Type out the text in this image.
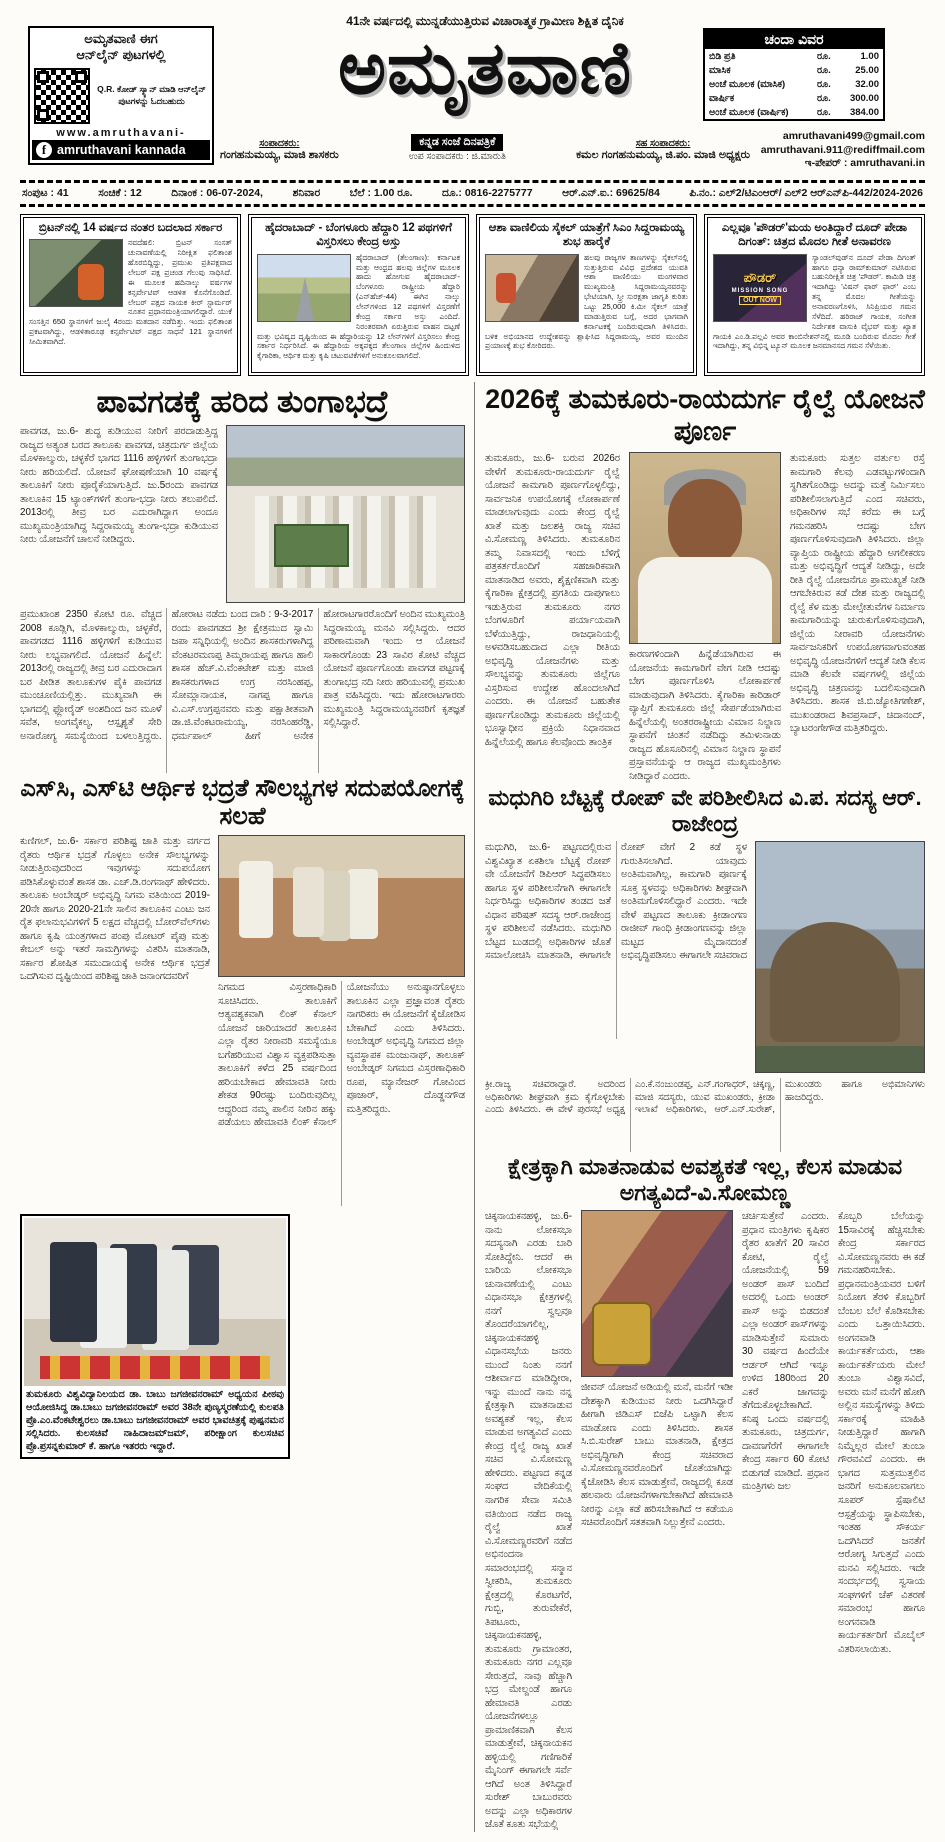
ಅಮೃತವಾಣಿ ಈಗ
ಆನ್‌ಲೈನ್ ಪುಟಗಳಲ್ಲಿ
Q.R. ಕೋಡ್ ಸ್ಕ್ಯಾನ್ ಮಾಡಿ ಆನ್‌ಲೈನ್ ಪುಟಗಳನ್ನು ಓದಬಹುದು
www.amruthavani-
f amruthavani kannada
41ನೇ ವರ್ಷದಲ್ಲಿ ಮುನ್ನಡೆಯುತ್ತಿರುವ ವಿಚಾರಾತ್ಮಕ ಗ್ರಾಮೀಣ ಶಿಕ್ಷಿತ ದೈನಿಕ
ಅಮೃತವಾಣಿ
ಸಂಪಾದಕರು:
ಗಂಗಹನುಮಯ್ಯ, ಮಾಜಿ ಶಾಸಕರು
ಕನ್ನಡ ಸಂಜೆ ದಿನಪತ್ರಿಕೆ
ಉಪ ಸಂಪಾದಕರು : ಜಿ.ಮಾರುತಿ
ಸಹ ಸಂಪಾದಕರು:
ಕಮಲ ಗಂಗಹನುಮಯ್ಯ, ಜಿ.ಪಂ. ಮಾಜಿ ಅಧ್ಯಕ್ಷರು
ಚಂದಾ ವಿವರ
ಬಿಡಿ ಪ್ರತಿ	ರೂ.	1.00
ಮಾಸಿಕ	ರೂ.	25.00
ಅಂಚೆ ಮೂಲಕ (ಮಾಸಿಕ)	ರೂ.	32.00
ವಾರ್ಷಿಕ	ರೂ.	300.00
ಅಂಚೆ ಮೂಲಕ (ವಾರ್ಷಿಕ)	ರೂ.	384.00
amruthavani499@gmail.com
amruthavani.911@rediffmail.com
ಇ-ಪೇಪರ್ : amruthavani.in
ಸಂಪುಟ : 41	ಸಂಚಿಕೆ : 12	ದಿನಾಂಕ : 06-07-2024,	ಶನಿವಾರ	ಬೆಲೆ : 1.00 ರೂ.	ದೂ.: 0816-2275777	ಆರ್.ಎನ್.ಐ.: 69625/84	ಪಿ.ನಂ.: ಎಲ್2/ಟಿಎಂಆರ್/ ಎಲ್2 ಆರ್‌ಎನ್‌ಪಿ-442/2024-2026
ಬ್ರಿಟನ್‌ನಲ್ಲಿ 14 ವರ್ಷದ ನಂತರ ಬದಲಾದ ಸರ್ಕಾರ

ನವದೆಹಲಿ: ಬ್ರಿಟನ್ ಸಂಸತ್ ಚುನಾವಣೆಯಲ್ಲಿ ನಿರೀಕ್ಷಿತ ಫಲಿತಾಂಶ ಹೊರಬಿದ್ದಿದ್ದು, ಪ್ರಮುಖ ಪ್ರತಿಪಕ್ಷವಾದ ಲೇಬರ್ ಪಕ್ಷ ಪ್ರಚಂಡ ಗೆಲುವು ಸಾಧಿಸಿದೆ. ಈ ಮೂಲಕ ಹದಿನಾಲ್ಕು ವರ್ಷಗಳ ಕನ್ಸರ್ವೇಟಿವ್ ಆಡಳಿತ ಕೊನೆಗೊಂಡಿದೆ. ಲೇಬರ್ ಪಕ್ಷದ ನಾಯಕ ಕೀರ್ ಸ್ಟಾರ್ಮರ್ ನೂತನ ಪ್ರಧಾನಮಂತ್ರಿಯಾಗಲಿದ್ದಾರೆ. ಯುಕೆ ಸಂಸತ್ತಿನ 650 ಸ್ಥಾನಗಳಿಗೆ ಜುಲೈ 4ರಂದು ಮತದಾನ ನಡೆದಿತ್ತು. ಇಂದು ಫಲಿತಾಂಶ ಪ್ರಕಟವಾಗಿದ್ದು, ಆಡಳಿತಾರೂಢ ಕನ್ಸರ್ವೇಟಿವ್ ಪಕ್ಷದ ಸಾಧನೆ 121 ಸ್ಥಾನಗಳಿಗೆ ಸೀಮಿತವಾಗಿದೆ.

ಹೈದರಾಬಾದ್ - ಬೆಂಗಳೂರು ಹೆದ್ದಾರಿ 12 ಪಥಗಳಿಗೆ ವಿಸ್ತರಿಸಲು ಕೇಂದ್ರ ಅಸ್ತು

ಹೈದರಾಬಾದ್ (ತೆಲಂಗಾಣ): ಕರ್ನಾಟಕ ಮತ್ತು ಆಂಧ್ರದ ಹಲವು ಜಿಲ್ಲೆಗಳ ಮೂಲಕ ಹಾದು ಹೋಗುವ ಹೈದರಾಬಾದ್-ಬೆಂಗಳೂರು ರಾಷ್ಟ್ರೀಯ ಹೆದ್ದಾರಿ (ಎನ್‌ಹೆಚ್-44) ಈಗಿನ ನಾಲ್ಕು ಲೇನ್‌ಗಳಿಂದ 12 ಪಥಗಳಿಗೆ ವಿಸ್ತರಣೆಗೆ ಕೇಂದ್ರ ಸರ್ಕಾರ ಅಸ್ತು ಎಂದಿದೆ. ನಿರಂತರವಾಗಿ ಏರುತ್ತಿರುವ ವಾಹನ ದಟ್ಟಣೆ ಮತ್ತು ಭವಿಷ್ಯದ ದೃಷ್ಟಿಯಿಂದ ಈ ಹೆದ್ದಾರಿಯನ್ನು 12 ಲೇನ್‌ಗಳಿಗೆ ವಿಸ್ತರಿಸಲು ಕೇಂದ್ರ ಸರ್ಕಾರ ನಿರ್ಧರಿಸಿದೆ. ಈ ಹೆದ್ದಾರಿಯ ಅಕ್ಕಪಕ್ಕದ ತೆಲಂಗಾಣ ಜಿಲ್ಲೆಗಳ ಹಿಂದುಳಿದ ಕೈಗಾರಿಕಾ, ಆರ್ಥಿಕ ಮತ್ತು ಕೃಷಿ ಚಟುವಟಿಕೆಗಳಿಗೆ ಅನುಕೂಲವಾಗಲಿದೆ.

ಆಶಾ ವಾಣಿಲಿಯ ಸೈಕಲ್ ಯಾತ್ರೆಗೆ ಸಿಎಂ ಸಿದ್ದರಾಮಯ್ಯ ಶುಭ ಹಾರೈಕೆ

ಹಲವು ರಾಜ್ಯಗಳ ತಾಣಗಳನ್ನು ಸೈಕಲ್‌ನಲ್ಲಿ ಸುತ್ತುತ್ತಿರುವ ವಿವಿಧ ಪ್ರದೇಶದ ಯುವತಿ ಆಶಾ ವಾಣಿಲಿಯು ಮಂಗಳವಾರ ಮುಖ್ಯಮಂತ್ರಿ ಸಿದ್ದರಾಮಯ್ಯನವರನ್ನು ಭೇಟಿಯಾಗಿ, ಸ್ತ್ರೀ ಸುರಕ್ಷತಾ ಜಾಗೃತಿ ಕುರಿತು ಒಟ್ಟು 25,000 ಕಿ.ಮೀ ಸೈಕಲ್ ಯಾತ್ರೆ ಮಾಡುತ್ತಿರುವ ಬಗ್ಗೆ, ಅದರ ಭಾಗವಾಗಿ ಕರ್ನಾಟಕಕ್ಕೆ ಬಂದಿರುವುದಾಗಿ ತಿಳಿಸಿದರು. ಬಳಿಕ ಅಭಿಯಾನದ ಉದ್ದೇಶವನ್ನು ಶ್ಲಾಘಿಸಿದ ಸಿದ್ದರಾಮಯ್ಯ, ಅವರ ಮುಂದಿನ ಪ್ರಯಾಣಕ್ಕೆ ಶುಭ ಕೋರಿದರು.

ಎಲ್ಲವೂ 'ಪೌಡರ್'ಮಯ ಅಂತಿದ್ದಾರೆ ದೂದ್ ಪೇಡಾ ದಿಗಂತ್: ಚಿತ್ರದ ಮೊದಲ ಗೀತೆ ಅನಾವರಣ
ಪೌಡರ್
MISSION SONG
OUT NOW

ಸ್ಯಾಂಡಲ್‌ವುಡ್‌ನ ದೂದ್ ಪೇಡಾ ದಿಗಂತ್ ಹಾಗೂ ಧನ್ಯಾ ರಾಮ್‌ಕುಮಾರ್ ನಟಿಸಿರುವ ಬಹುನಿರೀಕ್ಷಿತ ಚಿತ್ರ 'ಪೌಡರ್'. ಕಾಮಿಡಿ ಚಿತ್ರ ಇದಾಗಿದ್ದು 'ವಿಷನ್ ಫಾರ್ ಫಾರ್' ಎಂಬ ತನ್ನ ಮೊದಲ ಗೀತೆಯನ್ನು ಅನಾವರಣಗೊಳಿಸಿ, ಸಿನಿಪ್ರಿಯರ ಗಮನ ಸೆಳೆದಿದೆ. ಹರಿರಾಜ್ ಗಾಯಕ, ಸಂಗೀತ ನಿರ್ದೇಶಕ ವಾಸುಕಿ ವೈಭವ್ ಮತ್ತು ಖ್ಯಾತ ಗಾಯಕಿ ಎಂ.ಡಿ.ಪಲ್ಲವಿ ಅವರ ಕಾಂಬಿನೇಶನ್‌ನಲ್ಲಿ ಮೂಡಿ ಬಂದಿರುವ ಮೊದಲ ಗೀತೆ ಇದಾಗಿದ್ದು, ತನ್ನ ವಿಭಿನ್ನ ಟ್ಯೂನ್ ಮೂಲಕ ಜನಮಾನಸದ ಗಮನ ಸೆಳೆಯಿತು.

ಪಾವಗಡಕ್ಕೆ ಹರಿದ ತುಂಗಾಭದ್ರೆ
ಪಾವಗಡ, ಜು.6- ಶುದ್ಧ ಕುಡಿಯುವ ನೀರಿಗೆ ಪರದಾಡುತ್ತಿದ್ದ ರಾಜ್ಯದ ಅತ್ಯಂತ ಬರದ ತಾಲೂಕು ಪಾವಗಡ, ಚಿತ್ರದುರ್ಗ ಜಿಲ್ಲೆಯ ಮೊಳಕಾಲ್ಮುರು, ಚಳ್ಳಕೆರೆ ಭಾಗದ 1116 ಹಳ್ಳಿಗಳಿಗೆ ತುಂಗಾಭದ್ರಾ ನೀರು ಹರಿಯಲಿದೆ. ಯೋಜನೆ ಘೋಷಣೆಯಾಗಿ 10 ವರ್ಷಕ್ಕೆ ತಾಲೂಕಿಗೆ ನೀರು ಪೂರೈಕೆಯಾಗುತ್ತಿದೆ. ಜು.5ರಂದು ಪಾವಗಡ ತಾಲೂಕಿನ 15 ಟ್ಯಾಂಕ್‌ಗಳಿಗೆ ತುಂಗಾ-ಭದ್ರಾ ನೀರು ತಲುಪಲಿದೆ. 2013ರಲ್ಲಿ ತೀವ್ರ ಬರ ಎದುರಾಗಿದ್ದಾಗ ಅಂದೂ ಮುಖ್ಯಮಂತ್ರಿಯಾಗಿದ್ದ ಸಿದ್ದರಾಮಯ್ಯ ತುಂಗಾ-ಭದ್ರಾ ಕುಡಿಯುವ ನೀರು ಯೋಜನೆಗೆ ಚಾಲನೆ ನೀಡಿದ್ದರು.
ಪ್ರಮುಖಾಂಶ 2350 ಕೋಟಿ ರೂ. ವೆಚ್ಚದ 2008 ಕೂಡ್ಲಿಗಿ, ಮೊಳಕಾಲ್ಮುರು, ಚಳ್ಳಕೆರೆ, ಪಾವಗಡದ 1116 ಹಳ್ಳಿಗಳಿಗೆ ಕುಡಿಯುವ ನೀರು ಲಭ್ಯವಾಗಲಿದೆ. ಯೋಜನೆ ಹಿನ್ನೆಲೆ: 2013ರಲ್ಲಿ ರಾಜ್ಯದಲ್ಲಿ ತೀವ್ರ ಬರ ಎದುರಾದಾಗ ಬರ ಪೀಡಿತ ತಾಲೂಕುಗಳ ಪೈಕಿ ಪಾವಗಡ ಮುಂಚೂಣಿಯಲ್ಲಿತ್ತು. ಮುಖ್ಯವಾಗಿ ಈ ಭಾಗದಲ್ಲಿ ಫ್ಲೋರೈಡ್ ಅಂಶದಿಂದ ಜನ ಮೂಳೆ ಸವೆತ, ಅಂಗವೈಕಲ್ಯ, ಆಸ್ಪೃಶ್ಯತೆ ಸೇರಿ ಅನಾರೋಗ್ಯ ಸಮಸ್ಯೆಯಿಂದ ಬಳಲುತ್ತಿದ್ದರು. ಹೋರಾಟ ನಡೆದು ಬಂದ ದಾರಿ : 9-3-2017 ರಂದು ಪಾವಗಡದ ಶ್ರೀ ಕ್ಷೇತ್ರಮುದ ಸ್ವಾಮಿ ಜಪಾ ಸನ್ನಿಧಿಯಲ್ಲಿ ಅಂದಿನ ಶಾಸಕರುಗಳಾಗಿದ್ದ ವೆಂಕಟರಮಣಪ್ಪ ತಿಮ್ಮರಾಯಪ್ಪ ಹಾಗೂ ಹಾಲಿ ಶಾಸಕ ಹೆಚ್.ವಿ.ವೆಂಕಟೇಶ್ ಮತ್ತು ಮಾಜಿ ಶಾಸಕರುಗಳಾದ ಉಗ್ರ ನರಸಿಂಹಪ್ಪ, ಸೋಮ್ಲಾನಾಯಕ, ನಾಗಪ್ಪ ಹಾಗೂ ವಿ.ಎಸ್.ಉಗ್ರಪ್ಪನವರು ಮತ್ತು ಪಕ್ಷಾತೀತವಾಗಿ ಡಾ.ಜಿ.ವೆಂಕಟರಾಮಯ್ಯ, ನರಸಿಂಹರೆಡ್ಡಿ, ಧರ್ಮಪಾಲ್ ಹೀಗೆ ಅನೇಕ ಹೋರಾಟಗಾರರೊಂದಿಗೆ ಅಂದಿನ ಮುಖ್ಯಮಂತ್ರಿ ಸಿದ್ದರಾಮಯ್ಯ ಮನವಿ ಸಲ್ಲಿಸಿದ್ದರು. ಆದರ ಪರಿಣಾಮವಾಗಿ ಇಂದು ಆ ಯೋಜನೆ ಸಾಕಾರಗೊಂಡು 23 ಸಾವಿರ ಕೋಟಿ ವೆಚ್ಚದ ಯೋಜನೆ ಪೂರ್ಣಗೊಂಡು ಪಾವಗಡ ಪಟ್ಟಣಕ್ಕೆ ತುಂಗಾಭದ್ರ ನದಿ ನೀರು ಹರಿಯುವಲ್ಲಿ ಪ್ರಮುಖ ಪಾತ್ರ ವಹಿಸಿದ್ದರು. ಇದು ಹೋರಾಟಗಾರರು ಮುಖ್ಯಮಂತ್ರಿ ಸಿದ್ದರಾಮಯ್ಯನವರಿಗೆ ಕೃತಜ್ಞತೆ ಸಲ್ಲಿಸಿದ್ದಾರೆ.
ಎಸ್‌ಸಿ, ಎಸ್‌ಟಿ ಆರ್ಥಿಕ ಭದ್ರತೆ ಸೌಲಭ್ಯಗಳ ಸದುಪಯೋಗಕ್ಕೆ ಸಲಹೆ
ಕುಣಿಗಲ್, ಜು.6- ಸರ್ಕಾರ ಪರಿಶಿಷ್ಟ ಜಾತಿ ಮತ್ತು ವರ್ಗದ ರೈತರು ಆರ್ಥಿಕ ಭದ್ರತೆ ಗೊಳ್ಳಲು ಅನೇಕ ಸೌಲಭ್ಯಗಳನ್ನು ನೀಡುತ್ತಿರುವುದರಿಂದ ಇವುಗಳನ್ನು ಸದುಪಯೋಗ ಪಡಿಸಿಕೊಳ್ಳುವಂತೆ ಶಾಸಕ ಡಾ. ಎಚ್.ಡಿ.ರಂಗನಾಥ್ ಹೇಳಿದರು. ತಾಲೂಕು ಅಂಬೇಡ್ಕರ್ ಅಭಿವೃದ್ಧಿ ನಿಗಮ ವತಿಯಿಂದ 2019-20ನೇ ಹಾಗೂ 2020-21ನೇ ಸಾಲಿನ ತಾಲೂಕಿನ ಎಂಟು ಜನ ರೈತ ಫಲಾನುಭವಿಗಳಿಗೆ 5 ಲಕ್ಷದ ವೆಚ್ಚದಲ್ಲಿ ಬೋರ್‌ವೆಲ್‌ಗಳು ಹಾಗೂ ಕೃಷಿ ಯಂತ್ರಗಳಾದ ಪಂಪು ಮೋಟರ್ ಪೈಪು ಮತ್ತು ಕೇಬಲ್ ಅನ್ನು ಇತರೆ ಸಾಮಗ್ರಿಗಳನ್ನು ವಿತರಿಸಿ ಮಾತನಾಡಿ, ಸರ್ಕಾರ ಶೋಷಿತ ಸಮುದಾಯಕ್ಕೆ ಅನೇಕ ಆರ್ಥಿಕ ಭದ್ರತೆ ಒದಗಿಸುವ ದೃಷ್ಟಿಯಿಂದ ಪರಿಶಿಷ್ಟ ಜಾತಿ ಜನಾಂಗದವರಿಗೆ
ನಿಗಮದ ವಿಸ್ತರಣಾಧಿಕಾರಿ ಸೂಚಿಸಿದರು. ತಾಲೂಕಿಗೆ ಆತ್ಯವಶ್ಯಕವಾಗಿ ಲಿಂಕ್ ಕೆನಾಲ್ ಯೋಜನೆ ಜಾರಿಯಾದರೆ ತಾಲೂಕಿನ ಎಲ್ಲಾ ರೈತರ ನೀರಾವರಿ ಸಮಸ್ಯೆಯೂ ಬಗೆಹರಿಯುವ ವಿಶ್ವಾಸ ವ್ಯಕ್ತಪಡಿಸುತ್ತಾ ತಾಲೂಕಿಗೆ ಕಳೆದ 25 ವರ್ಷದಿಂದ ಹರಿಯಬೇಕಾದ ಹೇಮಾವತಿ ನೀರು ಶೇಕಡ 90ರಷ್ಟು ಬಂದಿರುವುದಿಲ್ಲ ಆದ್ದರಿಂದ ನಮ್ಮ ಪಾಲಿನ ನೀರಿನ ಹಕ್ಕು ಪಡೆಯಲು ಹೇಮಾವತಿ ಲಿಂಕ್ ಕೆನಾಲ್ ಯೋಜನೆಯು ಅನುಷ್ಠಾನಗೊಳ್ಳಲು ತಾಲೂಕಿನ ಎಲ್ಲಾ ಪ್ರಜ್ಞಾವಂತ ರೈತರು ನಾಗರಿಕರು ಈ ಯೋಜನೆಗೆ ಕೈಜೋಡಿಸ ಬೇಕಾಗಿದೆ ಎಂದು ತಿಳಿಸಿದರು. ಅಂಬೇಡ್ಕರ್ ಅಭಿವೃದ್ಧಿ ನಿಗಮದ ಜಿಲ್ಲಾ ವ್ಯವಸ್ಥಾಪಕ ಮಂಜುನಾಥ್, ತಾಲೂಕ್ ಅಂಬೇಡ್ಕರ್ ನಿಗಮದ ವಿಸ್ತರಣಾಧಿಕಾರಿ ರೂಪ, ಮ್ಯಾನೇಜರ್ ಗೋವಿಂದ ಪೂಜಾರ್, ದೊಡ್ಡನಗೌಡ ಮತ್ತಿತರಿದ್ದರು.
ತುಮಕೂರು ವಿಶ್ವವಿದ್ಯಾನಿಲಯದ ಡಾ. ಬಾಬು ಜಗಜೀವನರಾಮ್ ಅಧ್ಯಯನ ಪೀಠವು ಆಯೋಜಿಸಿದ್ದ ಡಾ.ಬಾಬು ಜಗಜೀವನರಾಮ್ ಅವರ 38ನೇ ಪುಣ್ಯಸ್ಮರಣೆಯಲ್ಲಿ ಕುಲಪತಿ ಪ್ರೊ.ಎಂ.ವೆಂಕಟೇಶ್ವರಲು ಡಾ.ಬಾಬು ಜಗಜೀವನರಾಮ್ ಅವರ ಭಾವಚಿತ್ರಕ್ಕೆ ಪುಷ್ಪನಮನ ಸಲ್ಲಿಸಿದರು. ಕುಲಸಚಿವೆ ನಾಹಿದಾಜಮ್‌ಜಮ್, ಪರೀಕ್ಷಾಂಗ ಕುಲಸಚಿವ ಪ್ರೊ.ಪ್ರಸನ್ನಕುಮಾರ್ ಕೆ. ಹಾಗೂ ಇತರರು ಇದ್ದಾರೆ.
2026ಕ್ಕೆ ತುಮಕೂರು-ರಾಯದುರ್ಗ ರೈಲ್ವೆ ಯೋಜನೆ ಪೂರ್ಣ
ತುಮಕೂರು, ಜು.6- ಬರುವ 2026ರ ವೇಳೆಗೆ ತುಮಕೂರು-ರಾಯದುರ್ಗ ರೈಲ್ವೆ ಯೋಜನೆ ಕಾಮಗಾರಿ ಪೂರ್ಣಗೊಳ್ಳಲಿದ್ದು, ಸಾರ್ವಜನಿಕ ಉಪಯೋಗಕ್ಕೆ ಲೋಕಾರ್ಪಣೆ ಮಾಡಲಾಗುವುದು ಎಂದು ಕೇಂದ್ರ ರೈಲ್ವೆ ಖಾತೆ ಮತ್ತು ಜಲಶಕ್ತಿ ರಾಜ್ಯ ಸಚಿವ ವಿ.ಸೋಮಣ್ಣ ತಿಳಿಸಿದರು. ತುಮಕೂರಿನ ತಮ್ಮ ನಿವಾಸದಲ್ಲಿ ಇಂದು ಬೆಳಿಗ್ಗೆ ಪತ್ರಕರ್ತರೊಂದಿಗೆ ಸಹಜಾರಿಕವಾಗಿ ಮಾತನಾಡಿದ ಅವರು, ಶೈಕ್ಷಣಿಕವಾಗಿ ಮತ್ತು ಕೈಗಾರಿಕಾ ಕ್ಷೇತ್ರದಲ್ಲಿ ಪ್ರಗತಿಯ ದಾಪುಗಾಲು ಇಡುತ್ತಿರುವ ತುಮಕೂರು ನಗರ ಬೆಂಗಳೂರಿಗೆ ಪರ್ಯಾಯವಾಗಿ ಬೆಳೆಯುತ್ತಿದ್ದು, ರಾಜಧಾನಿಯಲ್ಲಿ ಅಳವಡಿಸಬಹುದಾದ ಎಲ್ಲಾ ರೀತಿಯ ಅಭಿವೃದ್ಧಿ ಯೋಜನೆಗಳು ಮತ್ತು ಸೌಲಭ್ಯವನ್ನು ತುಮಕೂರು ಜಿಲ್ಲೆಗೂ ವಿಸ್ತರಿಸುವ ಉದ್ದೇಶ ಹೊಂದಲಾಗಿದೆ ಎಂದರು. ಈ ಯೋಜನೆ ಬಹುತೇಕ ಪೂರ್ಣಗೊಂಡಿದ್ದು ತುಮಕೂರು ಜಿಲ್ಲೆಯಲ್ಲಿ ಭೂಸ್ವಾಧೀನ ಪ್ರಕ್ರಿಯೆ ನಿಧಾನವಾದ ಹಿನ್ನೆಲೆಯಲ್ಲಿ ಹಾಗೂ ಕೆಲವೊಂದು ತಾಂತ್ರಿಕ
ಕಾರಣಗಳಿಂದಾಗಿ ಹಿನ್ನೆಡೆಯಾಗಿರುವ ಈ ಯೋಜನೆಯ ಕಾಮಗಾರಿಗೆ ವೇಗ ನೀಡಿ ಆದಷ್ಟು ಬೇಗ ಪೂರ್ಣಗೊಳಿಸಿ ಲೋಕಾರ್ಪಣೆ ಮಾಡುವುದಾಗಿ ತಿಳಿಸಿದರು. ಕೈಗಾರಿಕಾ ಕಾರಿಡಾರ್ ವ್ಯಾಪ್ತಿಗೆ ತುಮಕೂರು ಜಿಲ್ಲೆ ಸೇರ್ಪಡೆಯಾಗಿರುವ ಹಿನ್ನೆಲೆಯಲ್ಲಿ ಅಂತರರಾಷ್ಟ್ರೀಯ ವಿಮಾನ ನಿಲ್ದಾಣ ಸ್ಥಾಪನೆಗೆ ಚಿಂತನೆ ನಡೆದಿದ್ದು ತಮಿಳುನಾಡು ರಾಜ್ಯದ ಹೊಸೂರಿನಲ್ಲಿ ವಿಮಾನ ನಿಲ್ದಾಣ ಸ್ಥಾಪನೆ ಪ್ರಸ್ತಾವನೆಯನ್ನು ಆ ರಾಜ್ಯದ ಮುಖ್ಯಮಂತ್ರಿಗಳು ನೀಡಿದ್ದಾರೆ ಎಂದರು.
ತುಮಕೂರು ಸುತ್ತಲ ವರ್ತುಲ ರಸ್ತೆ ಕಾಮಗಾರಿ ಕೆಲವು ಎಡವಟ್ಟುಗಳಿಂದಾಗಿ ಸ್ಥಗಿತಗೊಂಡಿದ್ದು ಅದನ್ನು ಮತ್ತೆ ನಿರ್ಮಿಸಲು ಪರಿಶೀಲಿಸಲಾಗುತ್ತಿದೆ ಎಂದ ಸಚಿವರು, ಅಧಿಕಾರಿಗಳ ಸಭೆ ಕರೆದು ಈ ಬಗ್ಗೆ ಗಮನಹರಿಸಿ ಆದಷ್ಟು ಬೇಗ ಪೂರ್ಣಗೊಳಿಸುವುದಾಗಿ ತಿಳಿಸಿದರು. ಜಿಲ್ಲಾ ವ್ಯಾಪ್ತಿಯ ರಾಷ್ಟ್ರೀಯ ಹೆದ್ದಾರಿ ಅಗಲೀಕರಣ ಮತ್ತು ಅಭಿವೃದ್ಧಿಗೆ ಆದ್ಯತೆ ನೀಡಿದ್ದು, ಅದೇ ರೀತಿ ರೈಲ್ವೆ ಯೋಜನೆಗೂ ಪ್ರಾಮುಖ್ಯತೆ ನೀಡಿ ಆಗಬೇಕಿರುವ ಕಡೆ ದೇಶ ಮತ್ತು ರಾಜ್ಯದಲ್ಲಿ ರೈಲ್ವೆ ಕೆಳ ಮತ್ತು ಮೇಲ್ಸೇತುವೆಗಳ ನಿರ್ಮಾಣ ಕಾಮಗಾರಿಯನ್ನು ಚುರುಕುಗೊಳಿಸುವುದಾಗಿ, ಜಿಲ್ಲೆಯ ನೀರಾವರಿ ಯೋಜನೆಗಳು ಸಾರ್ವಜನಿಕರಿಗೆ ಉಪಯೋಗವಾಗುವಂತಹ ಅಭಿವೃದ್ಧಿ ಯೋಜನೆಗಳಿಗೆ ಆದ್ಯತೆ ನೀಡಿ ಕೆಲಸ ಮಾಡಿ ಕೆಲವೇ ವರ್ಷಗಳಲ್ಲಿ ಜಿಲ್ಲೆಯ ಅಭಿವೃದ್ಧಿ ಚಿತ್ರಣವನ್ನು ಬದಲಿಸುವುದಾಗಿ ತಿಳಿಸಿದರು. ಶಾಸಕ ಜಿ.ಬಿ.ಜ್ಯೋತಿಗಣೇಶ್, ಮುಖಂಡರಾದ ಶಿವಪ್ರಸಾದ್, ಚಿದಾನಂದ್, ಬ್ಯಾಟರಂಗೇಗೌಡ ಮತ್ತಿತರಿದ್ದರು.
ಮಧುಗಿರಿ ಬೆಟ್ಟಕ್ಕೆ ರೋಪ್ ವೇ ಪರಿಶೀಲಿಸಿದ ವಿ.ಪ. ಸದಸ್ಯ ಆರ್. ರಾಜೇಂದ್ರ
ಮಧುಗಿರಿ, ಜು.6- ಪಟ್ಟಣದಲ್ಲಿರುವ ವಿಶ್ವವಿಖ್ಯಾತ ಏಕಶಿಲಾ ಬೆಟ್ಟಕ್ಕೆ ರೋಪ್ ವೇ ಯೋಜನೆಗೆ ಡಿಪಿಆರ್ ಸಿದ್ಧಪಡಿಸಲು ಹಾಗೂ ಸ್ಥಳ ಪರಿಶೀಲನೆಗಾಗಿ ಈಗಾಗಲೇ ನಿರ್ಧರಿಸಿದ್ದು ಅಧಿಕಾರಿಗಳ ತಂಡದ ಜತೆ ವಿಧಾನ ಪರಿಷತ್ ಸದಸ್ಯ ಆರ್.ರಾಜೇಂದ್ರ ಸ್ಥಳ ಪರಿಶೀಲನೆ ನಡೆಸಿದರು. ಮಧುಗಿರಿ ಬೆಟ್ಟದ ಬುಡದಲ್ಲಿ ಅಧಿಕಾರಿಗಳ ಜೊತೆ ಸಮಾಲೋಚಿಸಿ ಮಾತನಾಡಿ, ಈಗಾಗಲೇ ರೋಪ್ ವೇಗೆ 2 ಕಡೆ ಸ್ಥಳ ಗುರುತಿಸಲಾಗಿದೆ. ಯಾವುದು ಅಂತಿಮವಾಗಿಲ್ಲ, ಕಾಮಗಾರಿ ಪೂರ್ಣಕ್ಕೆ ಸೂಕ್ತ ಸ್ಥಳವನ್ನು ಅಧಿಕಾರಿಗಳು ಶೀಘ್ರವಾಗಿ ಅಂತಿಮಗೊಳಿಸಲಿದ್ದಾರೆ ಎಂದರು. ಇದೇ ವೇಳೆ ಪಟ್ಟಣದ ತಾಲೂಕು ಕ್ರೀಡಾಂಗಣ ರಾಜೀವ್ ಗಾಂಧಿ ಕ್ರೀಡಾಂಗಣವನ್ನು ಜಿಲ್ಲಾ ಮಟ್ಟದ ಮೈದಾನದಂತೆ ಅಭಿವೃದ್ಧಿಪಡಿಸಲು ಈಗಾಗಲೇ ಸಚಿವರಾದ
ಕ್ರೀ.ರಾಜ್ಯ ಸಚಿವರಾದ್ದಾರೆ. ಅದರಿಂದ ಅಧಿಕಾರಿಗಳು ಶೀಘ್ರವಾಗಿ ಕ್ರಮ ಕೈಗೊಳ್ಳಬೇಕು ಎಂದು ತಿಳಿಸಿದರು. ಈ ವೇಳೆ ಪುರಸಭೆ ಅಧ್ಯಕ್ಷ ಎಂ.ಕೆ.ನಂಜುಂಡಪ್ಪ, ಎನ್.ಗಂಗಾಧರ್, ಚಿಕ್ಕಣ್ಣ, ಮಾಜಿ ಸದಸ್ಯರು, ಯುವ ಮುಖಂಡರು, ಕ್ರೀಡಾ ಇಲಾಖೆ ಅಧಿಕಾರಿಗಳು, ಆರ್.ಎನ್.ಸುರೇಶ್, ಮುಖಂಡರು ಹಾಗೂ ಅಭಿಮಾನಿಗಳು ಹಾಜರಿದ್ದರು.
ಕ್ಷೇತ್ರಕ್ಕಾಗಿ ಮಾತನಾಡುವ ಅವಶ್ಯಕತೆ ಇಲ್ಲ, ಕೆಲಸ ಮಾಡುವ ಅಗತ್ಯವಿದೆ-ವಿ.ಸೋಮಣ್ಣ
ಚಿಕ್ಕನಾಯಕನಹಳ್ಳಿ, ಜು.6- ನಾನು ಲೋಕಸಭಾ ಸದಸ್ಯನಾಗಿ ಎರಡು ಬಾರಿ ಸೋತಿದ್ದೇನಿ. ಆದರೆ ಈ ಬಾರಿಯ ಲೋಕಸಭಾ ಚುನಾವಣೆಯಲ್ಲಿ ಎಂಟು ವಿಧಾನಸಭಾ ಕ್ಷೇತ್ರಗಳಲ್ಲಿ ನನಗೆ ಸ್ವಲ್ಪವೂ ತೊಂದರೆಯಾಗಲಿಲ್ಲ, ಚಿಕ್ಕನಾಯಕನಹಳ್ಳಿ ವಿಧಾನಸಭೆಯ ಜನರು ಮುಂದೆ ನಿಂತು ನನಗೆ ಆಶೀರ್ವಾದ ಮಾಡಿದ್ದೀರಾ, ಇನ್ನು ಮುಂದೆ ನಾನು ನನ್ನ ಕ್ಷೇತ್ರಕ್ಕಾಗಿ ಮಾತನಾಡುವ ಅವಶ್ಯಕತೆ ಇಲ್ಲ, ಕೆಲಸ ಮಾಡುವ ಅಗತ್ಯವಿದೆ ಎಂದು ಕೇಂದ್ರ ರೈಲ್ವೆ ರಾಜ್ಯ ಖಾತೆ ಸಚಿವ ವಿ.ಸೋಮಣ್ಣ ಹೇಳಿದರು. ಪಟ್ಟಣದ ಕನ್ನಡ ಸಂಘದ ವೇದಿಕೆಯಲ್ಲಿ ನಾಗರಿಕ ಸೇವಾ ಸಮಿತಿ ವತಿಯಿಂದ ನಡೆದ ರಾಜ್ಯ ರೈಲ್ವೆ ಖಾತೆ ವಿ.ಸೋಮಣ್ಣರವರಿಗೆ ನಡೆದ ಅಭಿನಂದನಾ ಸಮಾರಂಭದಲ್ಲಿ ಸನ್ಮಾನ ಸ್ವೀಕರಿಸಿ, ತುಮಕೂರು ಕ್ಷೇತ್ರದಲ್ಲಿ ಕೊರಟಗೆರೆ, ಗುಬ್ಬಿ, ತುರುವೇಕೆರೆ, ತಿಪಟೂರು, ಚಿಕ್ಕನಾಯಕನಹಳ್ಳಿ, ತುಮಕೂರು ಗ್ರಾಮಾಂತರ, ತುಮಕೂರು ನಗರ ಎಲ್ಲವೂ ಸೇರುತ್ತದೆ, ನಾವು ಹೆಚ್ಚಾಗಿ ಭದ್ರ ಮೇಲ್ದಂಡೆ ಹಾಗೂ ಹೇಮಾವತಿ ಎರಡು ಯೋಜನೆಗಳಲ್ಲೂ ಪ್ರಾಮಾಣಿಕವಾಗಿ ಕೆಲಸ ಮಾಡುತ್ತೇವೆ, ಚಿಕ್ಕನಾಯಕನ ಹಳ್ಳಿಯಲ್ಲಿ ಗಣಿಗಾರಿಕೆ ಮೈನಿಂಗ್ ಈಗಾಗಲೇ ಸರ್ವೆ ಆಗಿದೆ ಅಂತ ತಿಳಿಸಿದ್ದಾರೆ ಸುರೇಶ್ ಬಾಬುರವರು ಅದನ್ನು ಎಲ್ಲಾ ಅಧಿಕಾರಗಳ ಜೊತೆ ಕೂತು ಸಭೆಯಲ್ಲಿ
ಜೀವನ್ ಯೋಜನೆ ಅಡಿಯಲ್ಲಿ ಮನೆ, ಮನೆಗೆ ಇಡೀ ದೇಶಕ್ಕಾಗಿ ಕುಡಿಯುವ ನೀರು ಒದಗಿಸಿದ್ದಾರೆ ಹೀಗಾಗಿ ಜಿಡಿಎಸ್ ಬಿಜೆಪಿ ಒಟ್ಟಾಗಿ ಕೆಲಸ ಮಾಡೋಣ ಎಂದು ತಿಳಿಸಿದರು. ಶಾಸಕ ಸಿ.ಬಿ.ಸುರೇಶ್ ಬಾಬು ಮಾತನಾಡಿ, ಕ್ಷೇತ್ರದ ಅಭಿವೃದ್ಧಿಗಾಗಿ ಕೇಂದ್ರ ಸಚಿವರಾದ ವಿ.ಸೋಮಣ್ಣನವರೊಂದಿಗೆ ಜೊತೆಯಾಗಿದ್ದು ಕೈಜೋಡಿಸಿ ಕೆಲಸ ಮಾಡುತ್ತೇನೆ, ರಾಜ್ಯದಲ್ಲಿ ಕೂಡ ಹಲವಾರು ಯೋಜನೆಗಳಾಗಬೇಕಾಗಿದೆ ಹೇಮಾವತಿ ನೀರನ್ನು ಎಲ್ಲಾ ಕಡೆ ಹರಿಸಬೇಕಾಗಿದೆ ಆ ಕಡೆಯೂ ಸಚಿವರೊಂದಿಗೆ ಸತತವಾಗಿ ನಿಲ್ಲುತ್ತೇನೆ ಎಂದರು.
ಚರ್ಚಿಸುತ್ತೇನೆ ಎಂದರು. ಪ್ರಧಾನ ಮಂತ್ರಿಗಳು ಕೃಷಿಕರ ರೈತರ ಖಾತೆಗೆ 20 ಸಾವಿರ ಕೋಟಿ, ರೈಲ್ವೆ ಯೋಜನೆಯಲ್ಲಿ 59 ಅಂಡರ್ ಪಾಸ್ ಬಂದಿದೆ ಅದರಲ್ಲಿ ಒಂದು ಅಂಡರ್ ಪಾಸ್ ಅನ್ನು ಬಿಡದಂತೆ ಎಲ್ಲಾ ಅಂಡರ್ ಪಾಸ್‌ಗಳನ್ನು ಮಾಡಿಸುತ್ತೇನೆ ಸುಮಾರು 30 ವರ್ಷದ ಹಿಂದೆಯೇ ಆರ್ಡರ್ ಆಗಿದೆ ಇನ್ನೂ ಉಳಿದ 180ರಿಂದ 20 ಎಕರೆ ಜಾಗವನ್ನು ತೆಗೆದುಕೊಳ್ಳಬೇಕಾಗಿದೆ. ಕನಿಷ್ಠ ಒಂದು ವರ್ಷದಲ್ಲಿ ತುಮಕೂರು, ಚಿತ್ರದುರ್ಗ, ದಾವಣಗೆರೆಗೆ ಈಗಾಗಲೇ ಕೇಂದ್ರ ಸರ್ಕಾರ 60 ಕೋಟಿ ಬಿಡುಗಡೆ ಮಾಡಿದೆ. ಪ್ರಧಾನ ಮಂತ್ರಿಗಳು ಜಲ
ಕೊಬ್ಬರಿ ಬೆಲೆಯನ್ನು 15ಸಾವಿರಕ್ಕೆ ಹೆಚ್ಚಿಸಬೇಕು ಕೇಂದ್ರ ಸರ್ಕಾರದ ವಿ.ಸೋಮಣ್ಣನವರು ಈ ಕಡೆ ಗಮನಹರಿಸಬೇಕು. ಪ್ರಧಾನಮಂತ್ರಿಯವರ ಬಳಿಗೆ ನಿಯೋಗ ತೆರಳಿ ಕೊಬ್ಬರಿಗೆ ಬೆಂಬಲ ಬೆಲೆ ಕೊಡಿಸಬೇಕು ಎಂದು ಒತ್ತಾಯಿಸಿದರು. ಅಂಗನವಾಡಿ ಕಾರ್ಯಕರ್ತೆಯರು, ಆಶಾ ಕಾರ್ಯಕರ್ತೆಯರು ಮೇಲೆ ತುಂಬಾ ವಿಶ್ವಾಸವಿದೆ, ಅವರು ಮನೆ ಮನೆಗೆ ಹೋಗಿ ಅಲ್ಲಿನ ಸಮಸ್ಯೆಗಳನ್ನು ತಿಳಿದು ಸರ್ಕಾರಕ್ಕೆ ಮಾಹಿತಿ ನೀಡುತ್ತಿದ್ದಾರೆ ಹಾಗಾಗಿ ನಿಮ್ಮೆಲ್ಲರ ಮೇಲೆ ತುಂಬಾ ಗೌರವವಿದೆ ಎಂದರು. ಈ ಭಾಗದ ಸುತ್ತಮುತ್ತಲಿನ ಜನರಿಗೆ ಅನುಕೂಲವಾಗಲು ಸೂಪರ್ ಸ್ಪೆಷಾಲಿಟಿ ಆಸ್ಪತ್ರೆಯನ್ನು ಸ್ಥಾಪಿಸಬೇಕು, ಇಂತಹ ಸೌಕರ್ಯ ಒದಗಿಸಿದರೆ ಜನತೆಗೆ ಆರೋಗ್ಯ ಸಿಗುತ್ತದೆ ಎಂದು ಮನವಿ ಸಲ್ಲಿಸಿದರು. ಇದೇ ಸಂದರ್ಭದಲ್ಲಿ ಸ್ವಸಾಯ ಸಂಘಗಳಿಗೆ ಚೆಕ್ ವಿತರಣೆ ಸಮಾರಂಭ ಹಾಗೂ ಅಂಗನವಾಡಿ ಕಾರ್ಯಕರ್ತರಿಗೆ ಮೊಬೈಲ್ ವಿತರಿಸಲಾಯಿತು.
